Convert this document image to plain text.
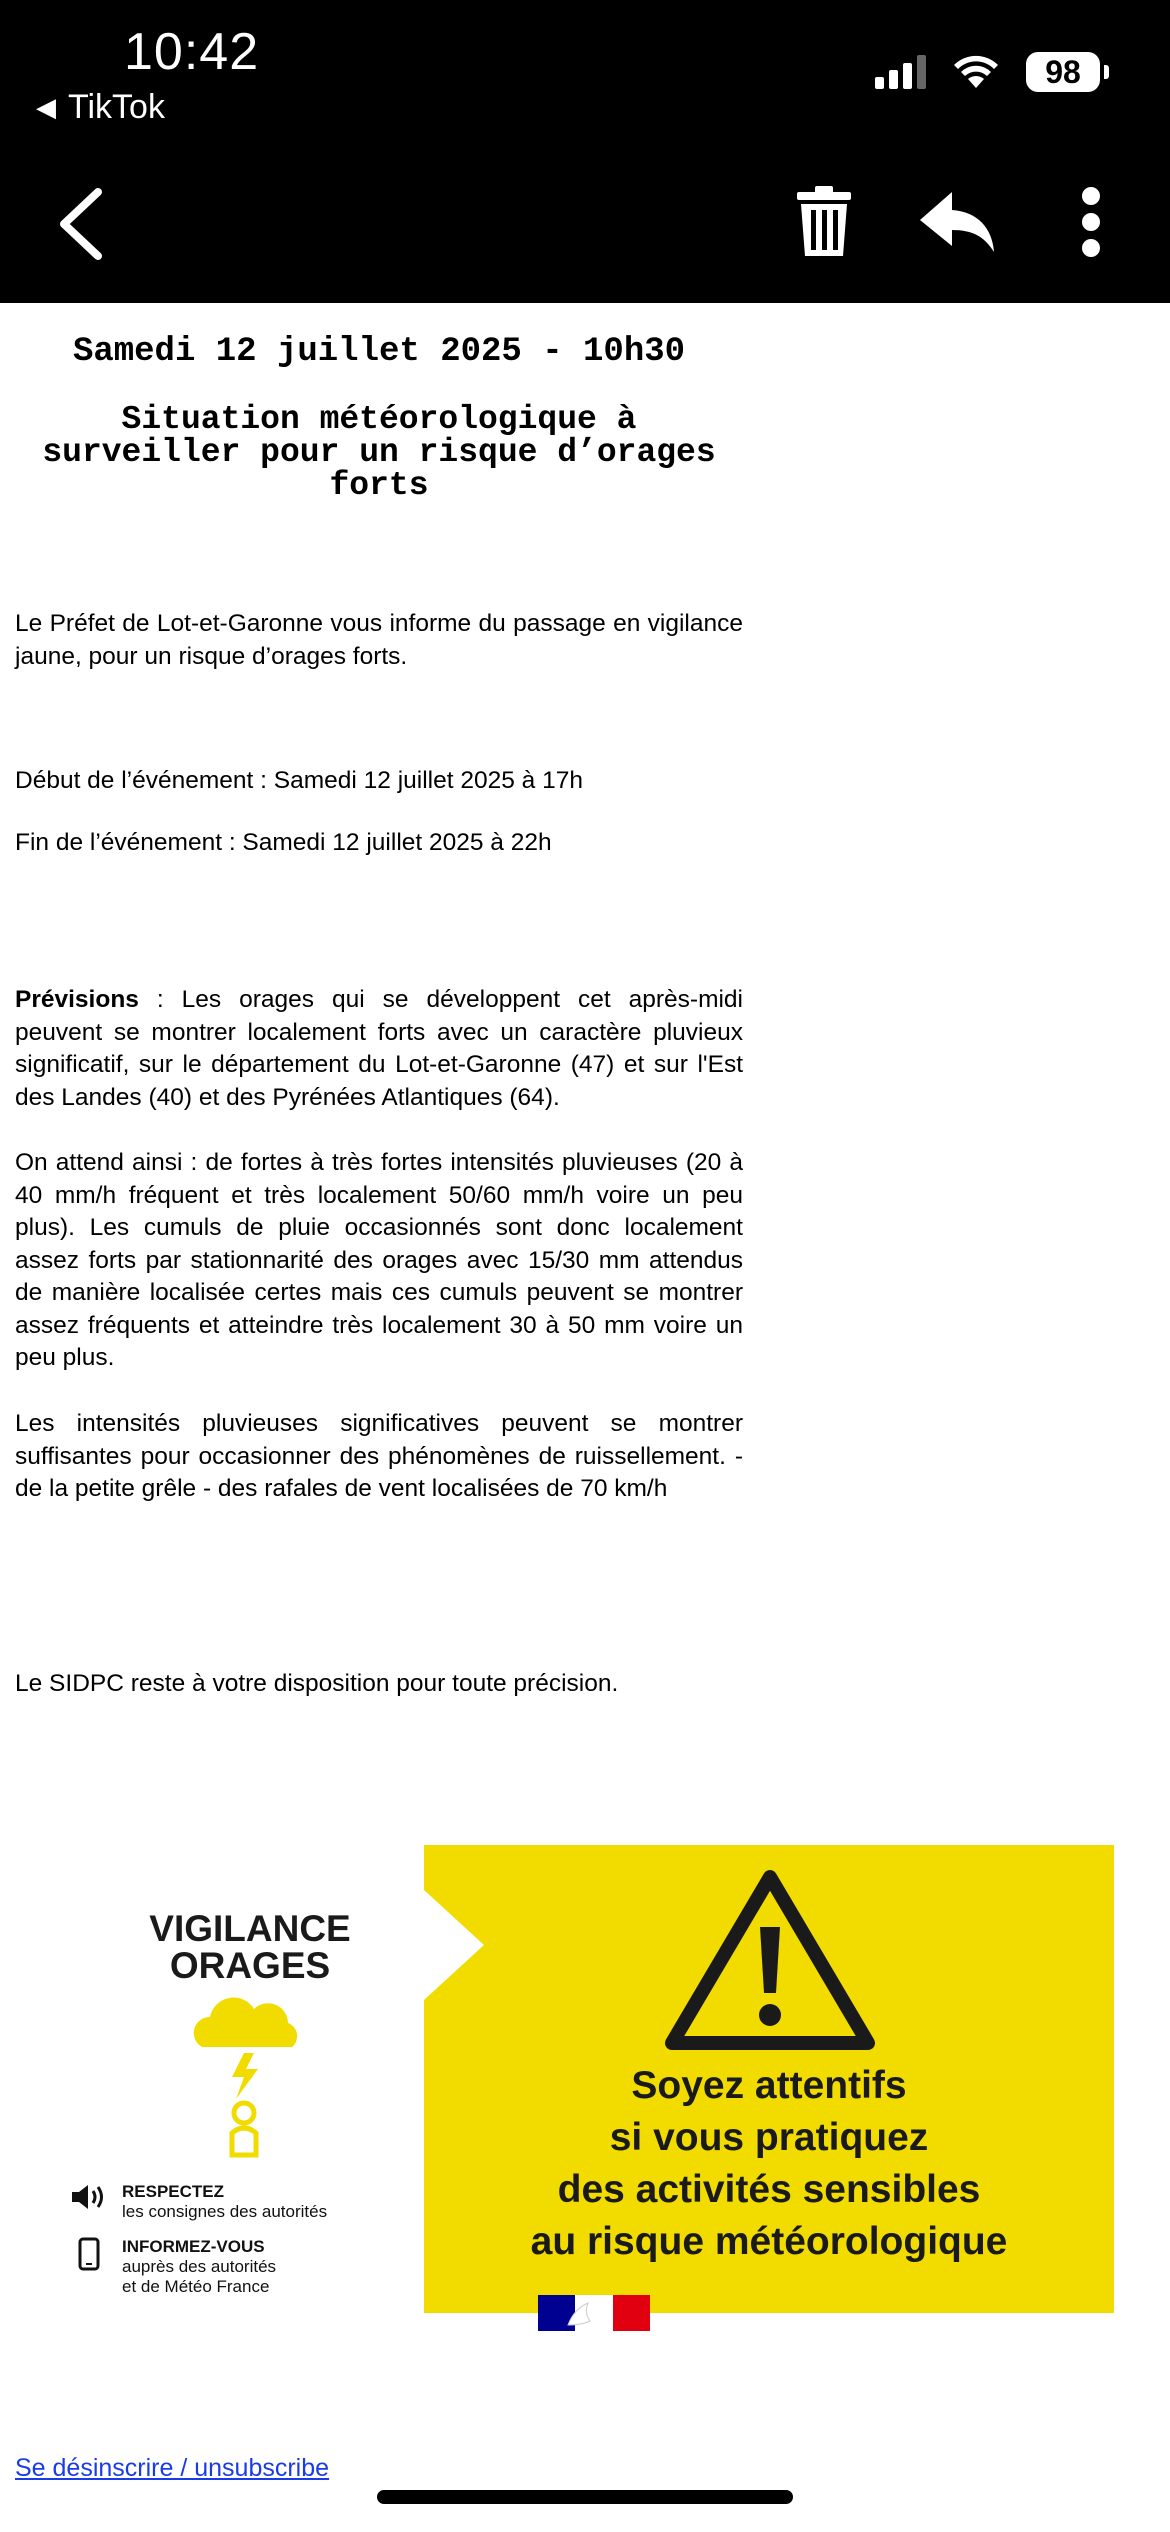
10:42
◀ TikTok
98
Samedi 12 juillet 2025 - 10h30
Situation météorologique à surveiller pour un risque d’orages forts
Le Préfet de Lot-et-Garonne vous informe du passage en vigilance jaune, pour un risque d’orages forts.
Début de l’événement : Samedi 12 juillet 2025 à 17h
Fin de l’événement : Samedi 12 juillet 2025 à 22h
Prévisions : Les orages qui se développent cet après-midi peuvent se montrer localement forts avec un caractère pluvieux significatif, sur le département du Lot-et-Garonne (47) et sur l'Est des Landes (40) et des Pyrénées Atlantiques (64).
On attend ainsi : de fortes à très fortes intensités pluvieuses (20 à 40 mm/h fréquent et très localement 50/60 mm/h voire un peu plus). Les cumuls de pluie occasionnés sont donc localement assez forts par stationnarité des orages avec 15/30 mm attendus de manière localisée certes mais ces cumuls peuvent se montrer assez fréquents et atteindre très localement 30 à 50 mm voire un peu plus.
Les intensités pluvieuses significatives peuvent se montrer suffisantes pour occasionner des phénomènes de ruissellement. - de la petite grêle - des rafales de vent localisées de 70 km/h
Le SIDPC reste à votre disposition pour toute précision.
VIGILANCE
ORAGES
RESPECTEZ
les consignes des autorités
INFORMEZ-VOUS
auprès des autorités
et de Météo France
Soyez attentifs
si vous pratiquez
des activités sensibles
au risque météorologique
Se désinscrire / unsubscribe
